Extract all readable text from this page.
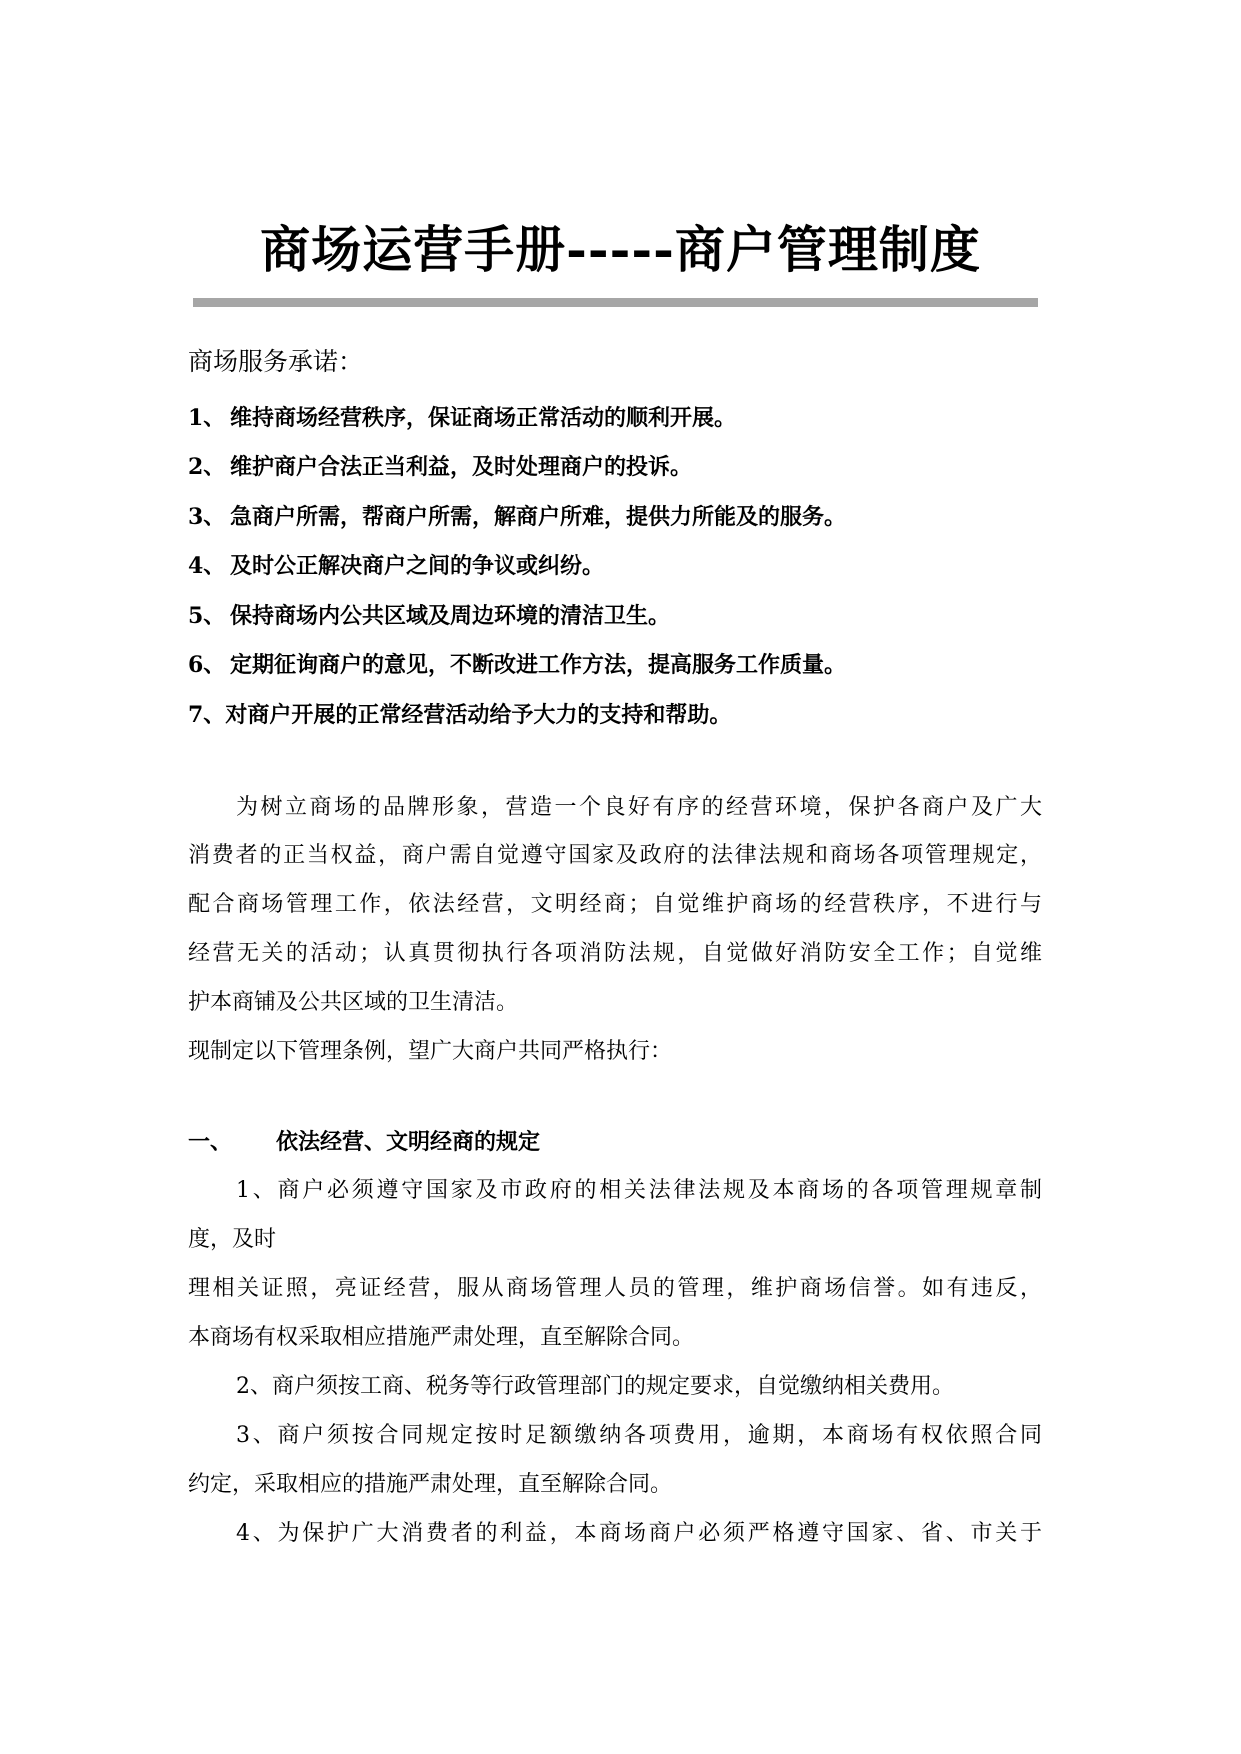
商场运营手册-----商户管理制度
商场服务承诺：
1、 维持商场经营秩序，保证商场正常活动的顺利开展。
2、 维护商户合法正当利益，及时处理商户的投诉。
3、 急商户所需，帮商户所需，解商户所难，提供力所能及的服务。
4、 及时公正解决商户之间的争议或纠纷。
5、 保持商场内公共区域及周边环境的清洁卫生。
6、 定期征询商户的意见，不断改进工作方法，提高服务工作质量。
7、对商户开展的正常经营活动给予大力的支持和帮助。
为树立商场的品牌形象，营造一个良好有序的经营环境，保护各商户及广大
消费者的正当权益，商户需自觉遵守国家及政府的法律法规和商场各项管理规定，
配合商场管理工作，依法经营，文明经商；自觉维护商场的经营秩序，不进行与
经营无关的活动；认真贯彻执行各项消防法规，自觉做好消防安全工作；自觉维
护本商铺及公共区域的卫生清洁。
现制定以下管理条例，望广大商户共同严格执行：
一、 依法经营、文明经商的规定
1、商户必须遵守国家及市政府的相关法律法规及本商场的各项管理规章制
度，及时
理相关证照，亮证经营，服从商场管理人员的管理，维护商场信誉。如有违反，
本商场有权采取相应措施严肃处理，直至解除合同。
2、商户须按工商、税务等行政管理部门的规定要求，自觉缴纳相关费用。
3、商户须按合同规定按时足额缴纳各项费用，逾期，本商场有权依照合同
约定，采取相应的措施严肃处理，直至解除合同。
4、为保护广大消费者的利益，本商场商户必须严格遵守国家、省、市关于
